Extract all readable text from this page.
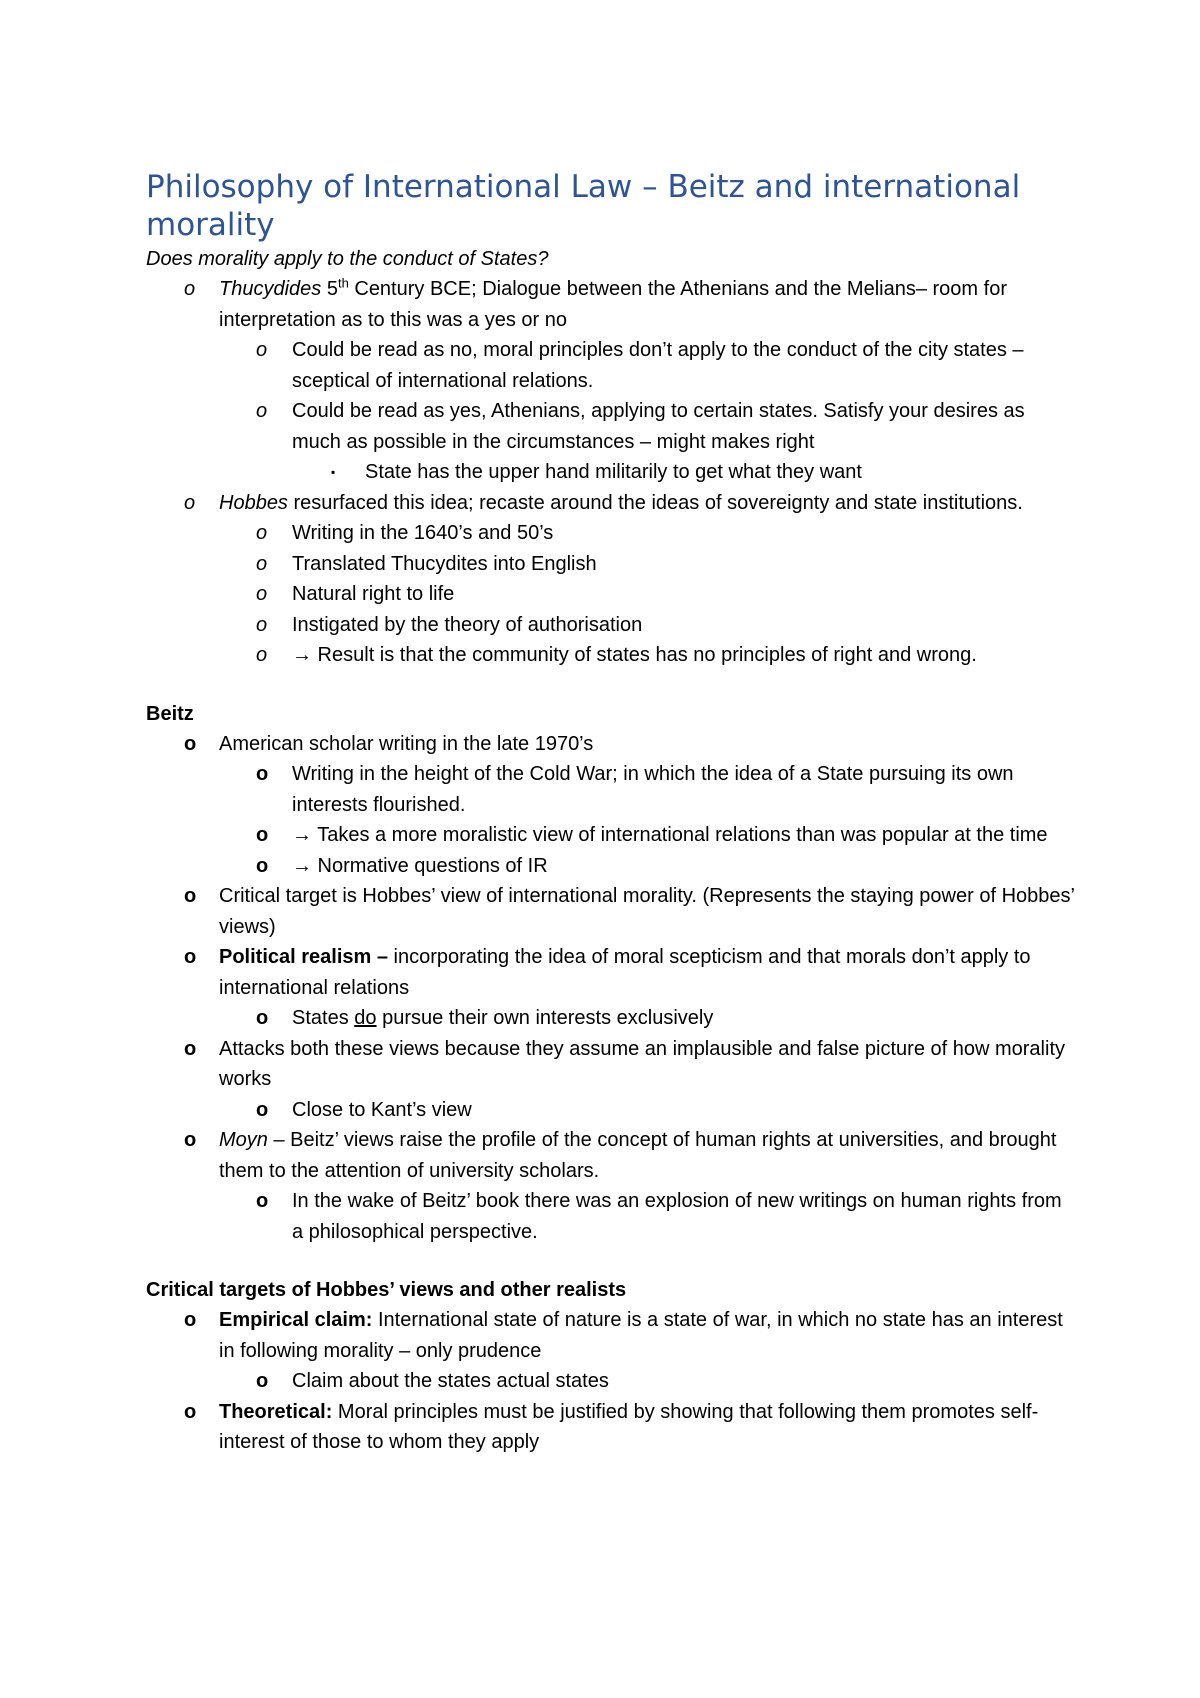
Philosophy of International Law – Beitz and international morality

Does morality apply to the conduct of States?

o Thucydides 5th Century BCE; Dialogue between the Athenians and the Melians– room for interpretation as to this was a yes or no
o Could be read as no, moral principles don’t apply to the conduct of the city states – sceptical of international relations.
o Could be read as yes, Athenians, applying to certain states. Satisfy your desires as much as possible in the circumstances – might makes right
▪ State has the upper hand militarily to get what they want
o Hobbes resurfaced this idea; recaste around the ideas of sovereignty and state institutions.
o Writing in the 1640’s and 50’s
o Translated Thucydites into English
o Natural right to life
o Instigated by the theory of authorisation
o → Result is that the community of states has no principles of right and wrong.

Beitz

o American scholar writing in the late 1970’s
o Writing in the height of the Cold War; in which the idea of a State pursuing its own interests flourished.
o → Takes a more moralistic view of international relations than was popular at the time
o → Normative questions of IR
o Critical target is Hobbes’ view of international morality. (Represents the staying power of Hobbes’ views)
o Political realism – incorporating the idea of moral scepticism and that morals don’t apply to international relations
o States do pursue their own interests exclusively
o Attacks both these views because they assume an implausible and false picture of how morality works
o Close to Kant’s view
o Moyn – Beitz’ views raise the profile of the concept of human rights at universities, and brought them to the attention of university scholars.
o In the wake of Beitz’ book there was an explosion of new writings on human rights from a philosophical perspective.

Critical targets of Hobbes’ views and other realists

o Empirical claim: International state of nature is a state of war, in which no state has an interest in following morality – only prudence
o Claim about the states actual states
o Theoretical: Moral principles must be justified by showing that following them promotes self-interest of those to whom they apply
